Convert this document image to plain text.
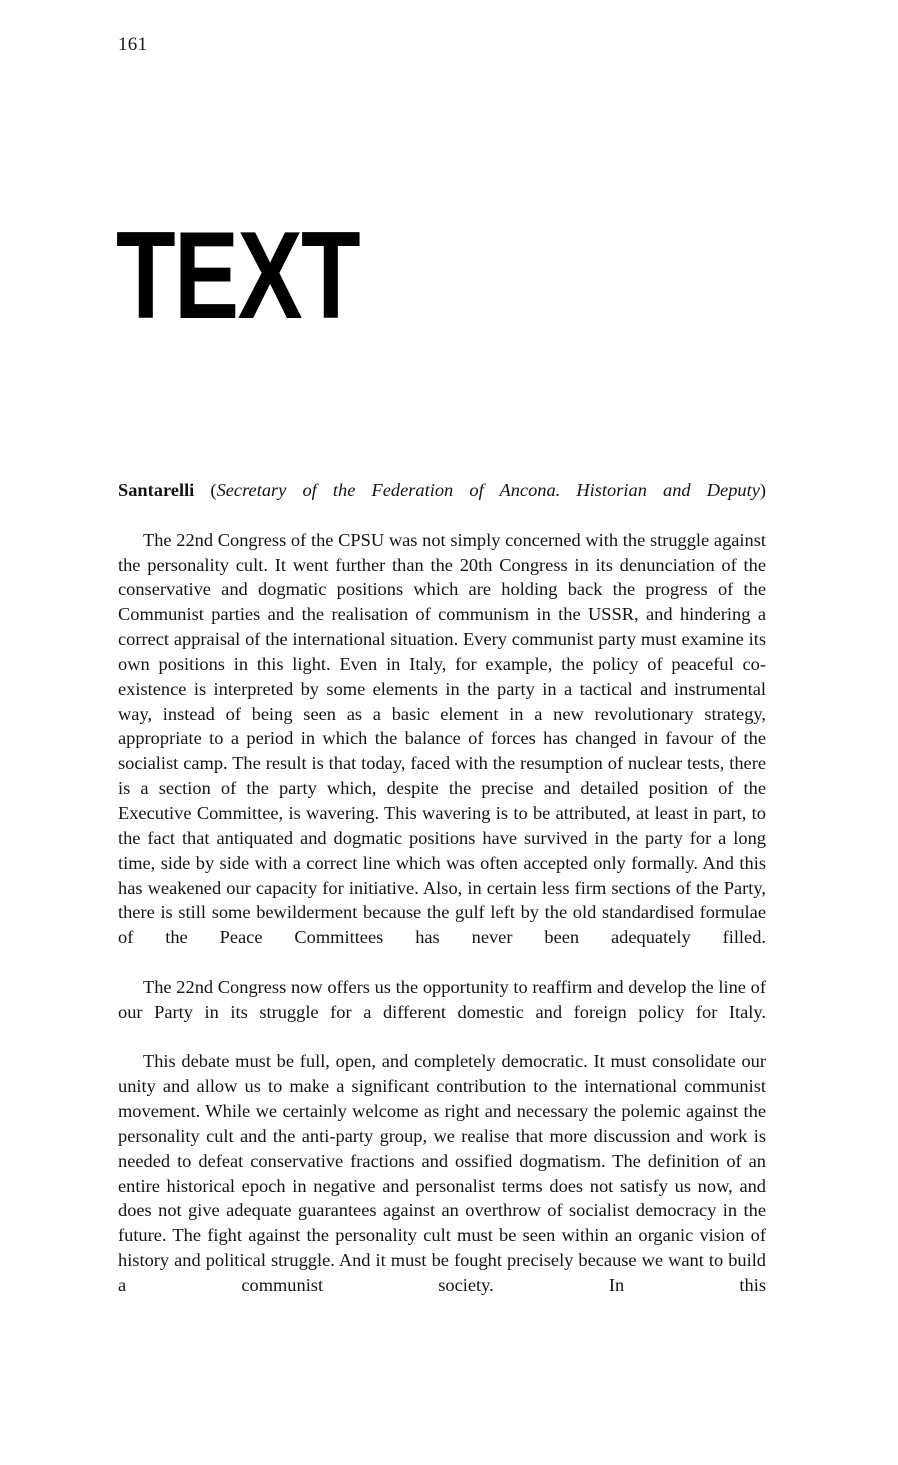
161
TEXT

Santarelli (Secretary of the Federation of Ancona. Historian and Deputy)

The 22nd Congress of the CPSU was not simply concerned with the struggle against the personality cult. It went further than the 20th Congress in its denunciation of the conservative and dogmatic positions which are holding back the progress of the Communist parties and the realisation of communism in the USSR, and hindering a correct appraisal of the international situation. Every communist party must examine its own positions in this light. Even in Italy, for example, the policy of peaceful co-existence is interpreted by some elements in the party in a tactical and instrumental way, instead of being seen as a basic element in a new revolutionary strategy, appropriate to a period in which the balance of forces has changed in favour of the socialist camp. The result is that today, faced with the resumption of nuclear tests, there is a section of the party which, despite the precise and detailed position of the Executive Committee, is wavering. This wavering is to be attributed, at least in part, to the fact that antiquated and dogmatic positions have survived in the party for a long time, side by side with a correct line which was often accepted only formally. And this has weakened our capacity for initiative. Also, in certain less firm sections of the Party, there is still some bewilderment because the gulf left by the old standardised formulae of the Peace Committees has never been adequately filled.

The 22nd Congress now offers us the opportunity to reaffirm and develop the line of our Party in its struggle for a different domestic and foreign policy for Italy.

This debate must be full, open, and completely democratic. It must consolidate our unity and allow us to make a significant contribution to the international communist movement. While we certainly welcome as right and necessary the polemic against the personality cult and the anti-party group, we realise that more discussion and work is needed to defeat conservative fractions and ossified dogmatism. The definition of an entire historical epoch in negative and personalist terms does not satisfy us now, and does not give adequate guarantees against an overthrow of socialist democracy in the future. The fight against the personality cult must be seen within an organic vision of history and political struggle. And it must be fought precisely because we want to build a communist society. In this
